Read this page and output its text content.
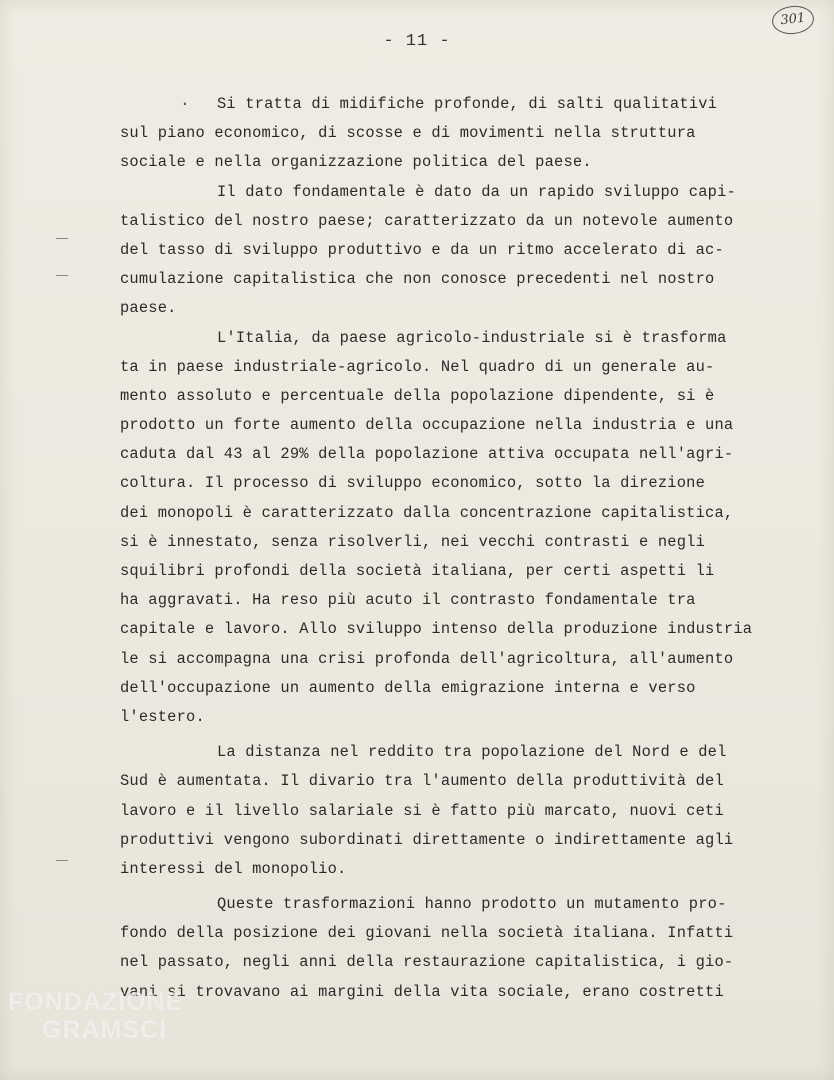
- 11 -
301
·	Si tratta di midifiche profonde, di salti qualitativi
sul piano economico, di scosse e di movimenti nella struttura
sociale e nella organizzazione politica del paese.
Il dato fondamentale è dato da un rapido sviluppo capi-
talistico del nostro paese; caratterizzato da un notevole aumento
del tasso di sviluppo produttivo e da un ritmo accelerato di ac-
cumulazione capitalistica che non conosce precedenti nel nostro
paese.
L'Italia, da paese agricolo-industriale si è trasforma
ta in paese industriale-agricolo. Nel quadro di un generale au-
mento assoluto e percentuale della popolazione dipendente, si è
prodotto un forte aumento della occupazione nella industria e una
caduta dal 43 al 29% della popolazione attiva occupata nell'agri-
coltura. Il processo di sviluppo economico, sotto la direzione
dei monopoli è caratterizzato dalla concentrazione capitalistica,
si è innestato, senza risolverli, nei vecchi contrasti e negli
squilibri profondi della società italiana, per certi aspetti li
ha aggravati. Ha reso più acuto il contrasto fondamentale tra
capitale e lavoro. Allo sviluppo intenso della produzione industria
le si accompagna una crisi profonda dell'agricoltura, all'aumento
dell'occupazione un aumento della emigrazione interna e verso
l'estero.
La distanza nel reddito tra popolazione del Nord e del
Sud è aumentata. Il divario tra l'aumento della produttività del
lavoro e il livello salariale si è fatto più marcato, nuovi ceti
produttivi vengono subordinati direttamente o indirettamente agli
interessi del monopolio.
Queste trasformazioni hanno prodotto un mutamento pro-
fondo della posizione dei giovani nella società italiana. Infatti
nel passato, negli anni della restaurazione capitalistica, i gio-
vani si trovavano ai margini della vita sociale, erano costretti
FONDAZIONE
GRAMSCI
